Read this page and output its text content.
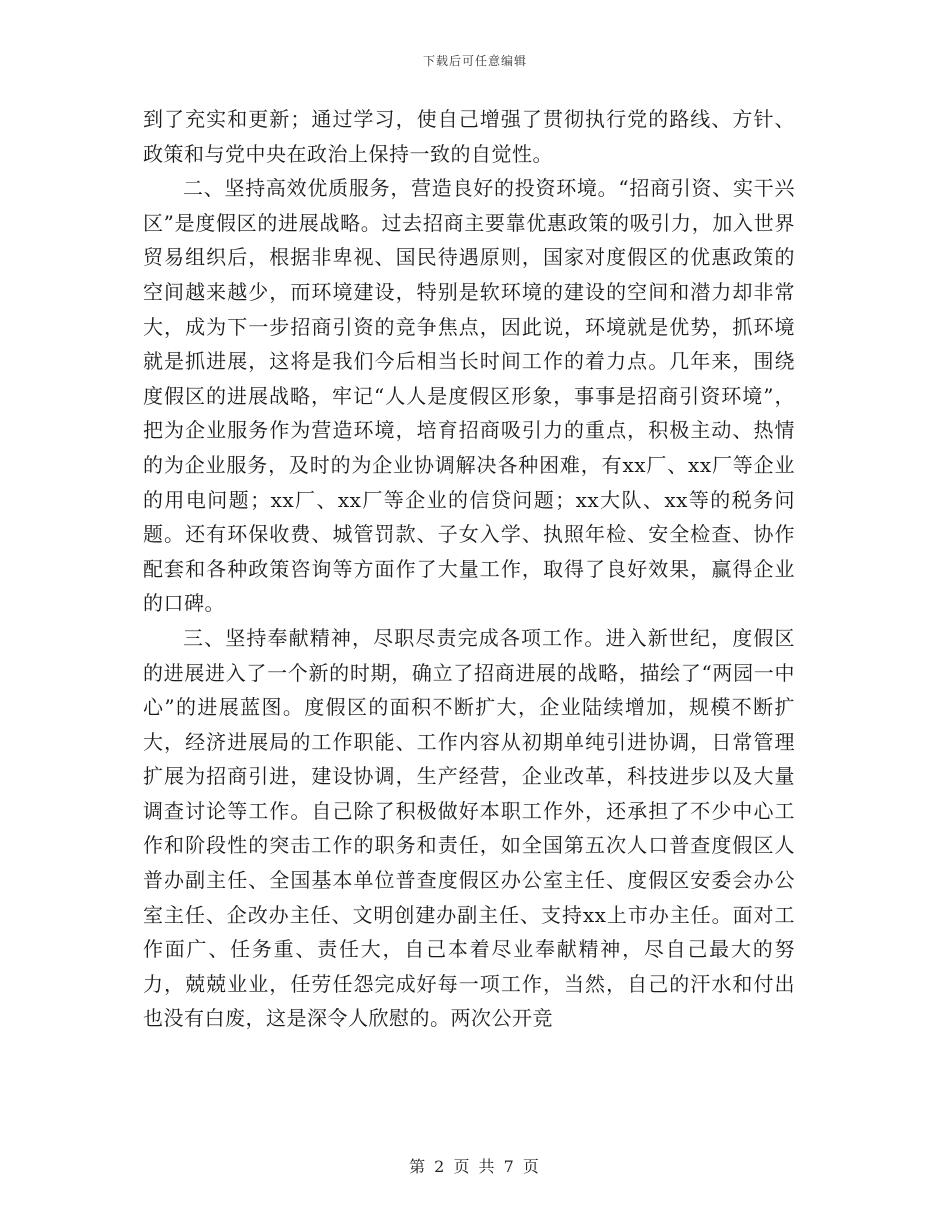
下载后可任意编辑

到了充实和更新；通过学习，使自己增强了贯彻执行党的路线、方针、政策和与党中央在政治上保持一致的自觉性。

二、坚持高效优质服务，营造良好的投资环境。“招商引资、实干兴区”是度假区的进展战略。过去招商主要靠优惠政策的吸引力，加入世界贸易组织后，根据非卑视、国民待遇原则，国家对度假区的优惠政策的空间越来越少，而环境建设，特别是软环境的建设的空间和潜力却非常大，成为下一步招商引资的竞争焦点，因此说，环境就是优势，抓环境就是抓进展，这将是我们今后相当长时间工作的着力点。几年来，围绕度假区的进展战略，牢记“人人是度假区形象，事事是招商引资环境”，把为企业服务作为营造环境，培育招商吸引力的重点，积极主动、热情的为企业服务，及时的为企业协调解决各种困难，有xx厂、xx厂等企业的用电问题；xx厂、xx厂等企业的信贷问题；xx大队、xx等的税务问题。还有环保收费、城管罚款、子女入学、执照年检、安全检查、协作配套和各种政策咨询等方面作了大量工作，取得了良好效果，赢得企业的口碑。

三、坚持奉献精神，尽职尽责完成各项工作。进入新世纪，度假区的进展进入了一个新的时期，确立了招商进展的战略，描绘了“两园一中心”的进展蓝图。度假区的面积不断扩大，企业陆续增加，规模不断扩大，经济进展局的工作职能、工作内容从初期单纯引进协调，日常管理扩展为招商引进，建设协调，生产经营，企业改革，科技进步以及大量调查讨论等工作。自己除了积极做好本职工作外，还承担了不少中心工作和阶段性的突击工作的职务和责任，如全国第五次人口普查度假区人普办副主任、全国基本单位普查度假区办公室主任、度假区安委会办公室主任、企改办主任、文明创建办副主任、支持xx上市办主任。面对工作面广、任务重、责任大，自己本着尽业奉献精神，尽自己最大的努力，兢兢业业，任劳任怨完成好每一项工作，当然，自己的汗水和付出也没有白废，这是深令人欣慰的。两次公开竞

第 2 页 共 7 页
